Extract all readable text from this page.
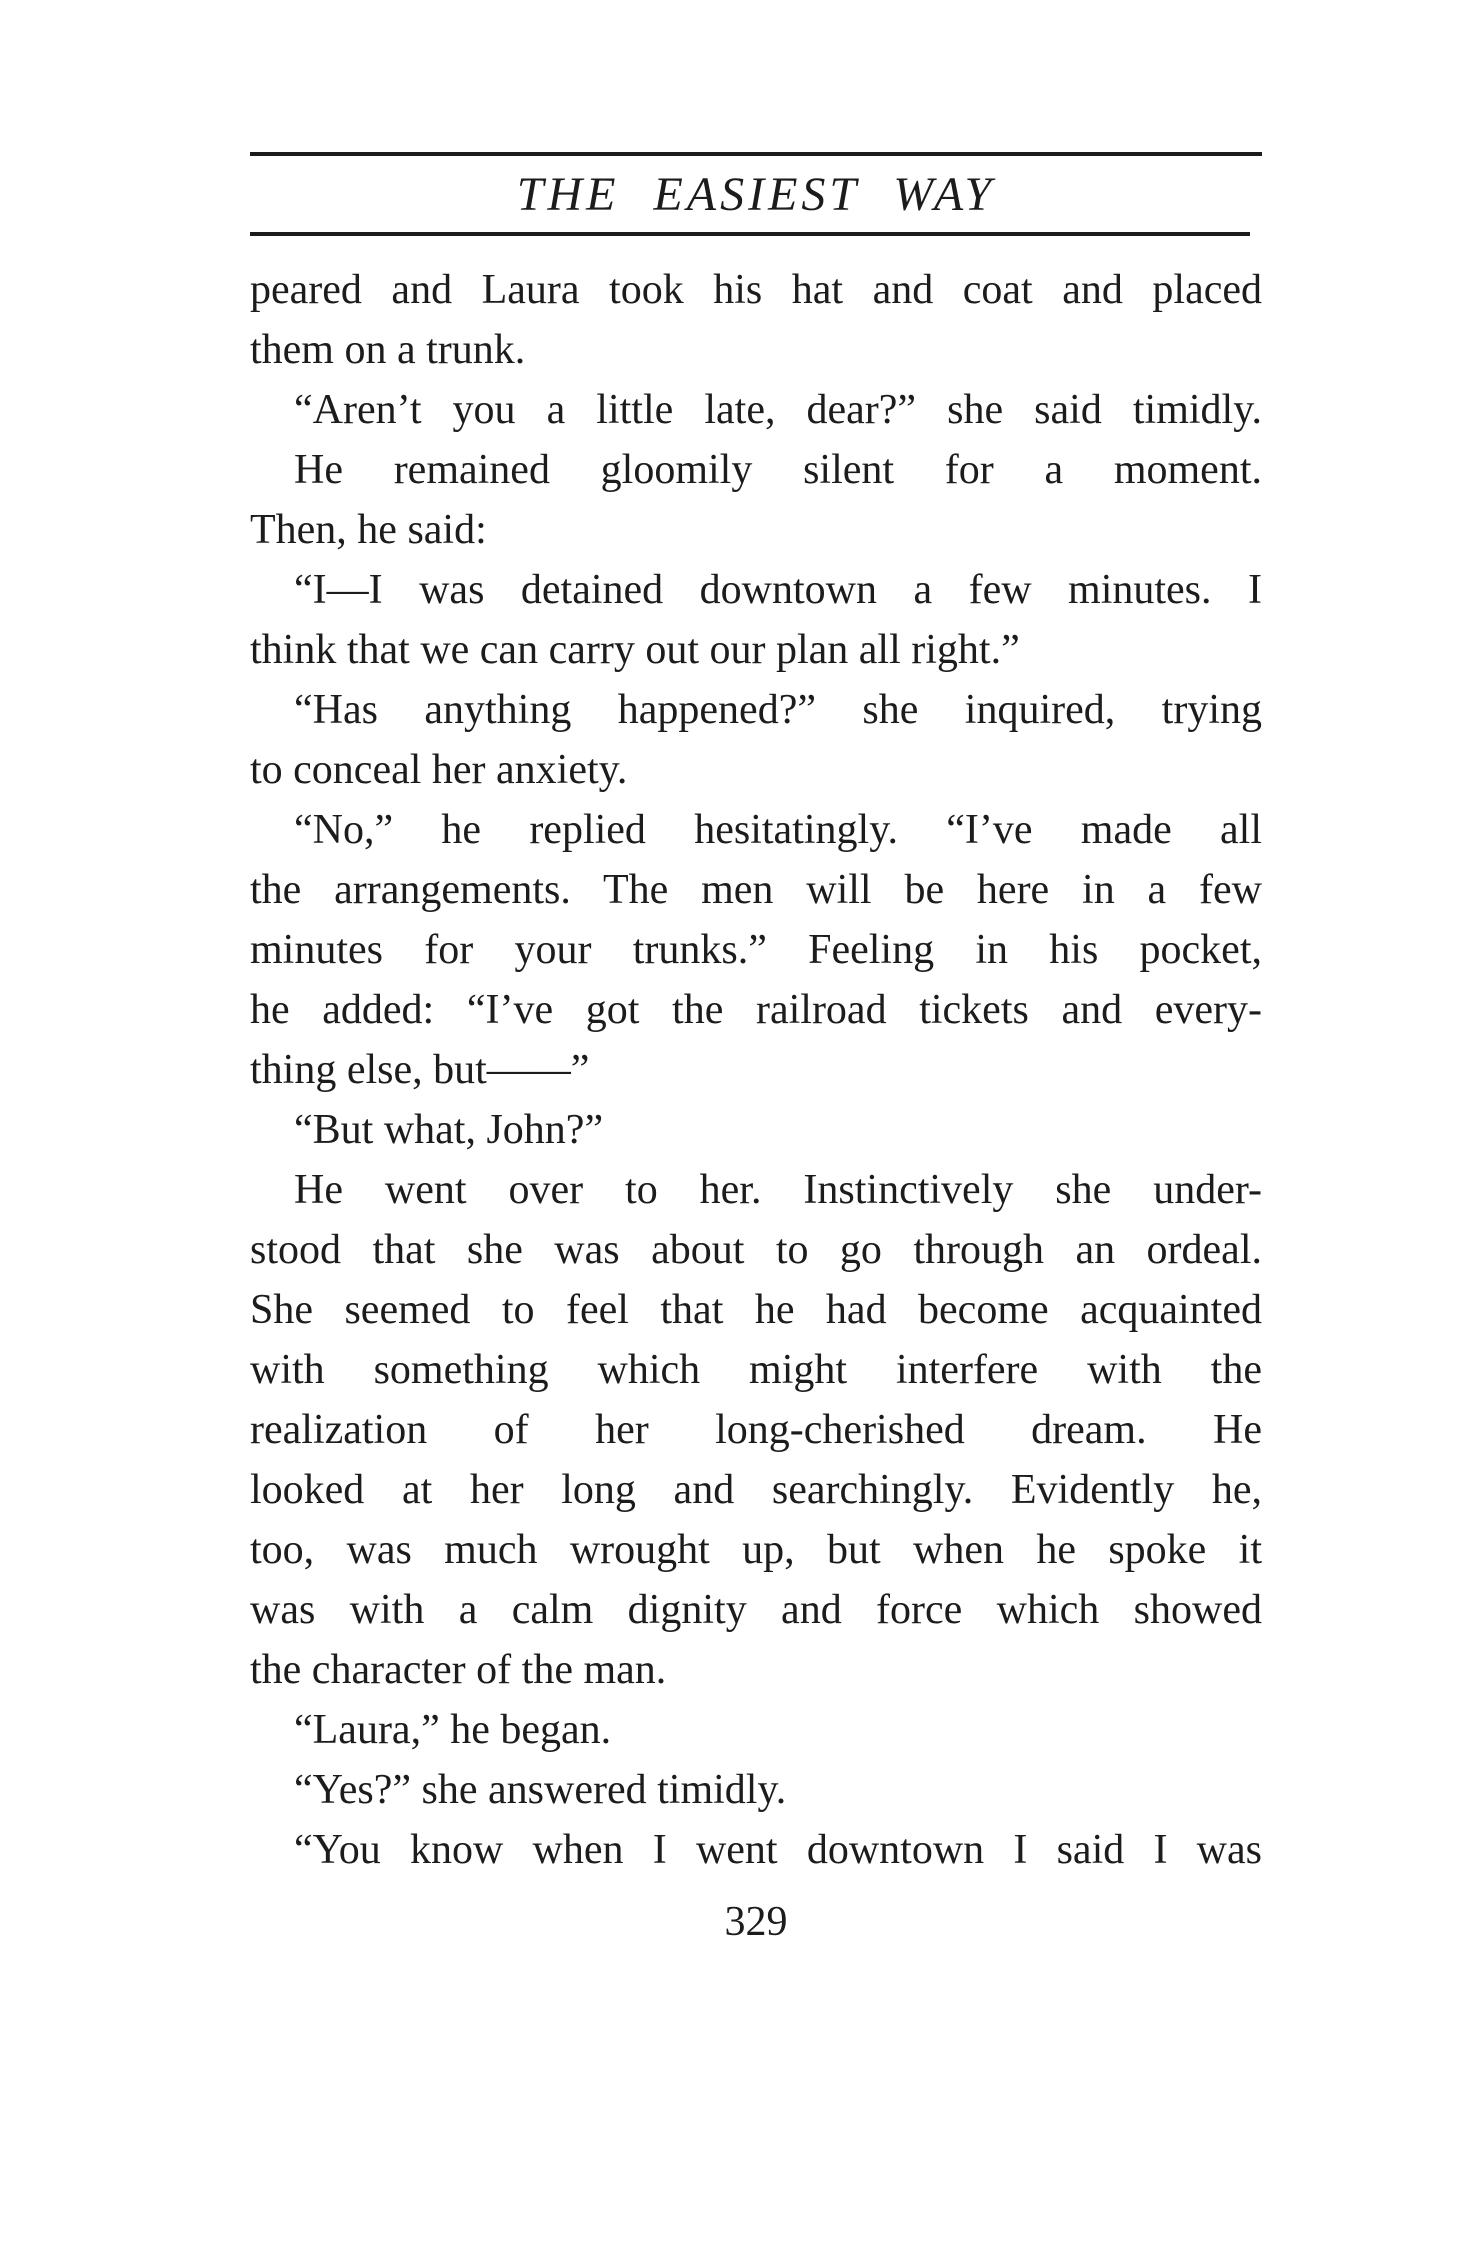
THE EASIEST WAY
peared and Laura took his hat and coat and placed
them on a trunk.
“Aren’t you a little late, dear?” she said timidly.
He remained gloomily silent for a moment.
Then, he said:
“I—I was detained downtown a few minutes. I
think that we can carry out our plan all right.”
“Has anything happened?” she inquired, trying
to conceal her anxiety.
“No,” he replied hesitatingly. “I’ve made all
the arrangements. The men will be here in a few
minutes for your trunks.” Feeling in his pocket,
he added: “I’ve got the railroad tickets and every-
thing else, but——”
“But what, John?”
He went over to her. Instinctively she under-
stood that she was about to go through an ordeal.
She seemed to feel that he had become acquainted
with something which might interfere with the
realization of her long-cherished dream. He
looked at her long and searchingly. Evidently he,
too, was much wrought up, but when he spoke it
was with a calm dignity and force which showed
the character of the man.
“Laura,” he began.
“Yes?” she answered timidly.
“You know when I went downtown I said I was
329
